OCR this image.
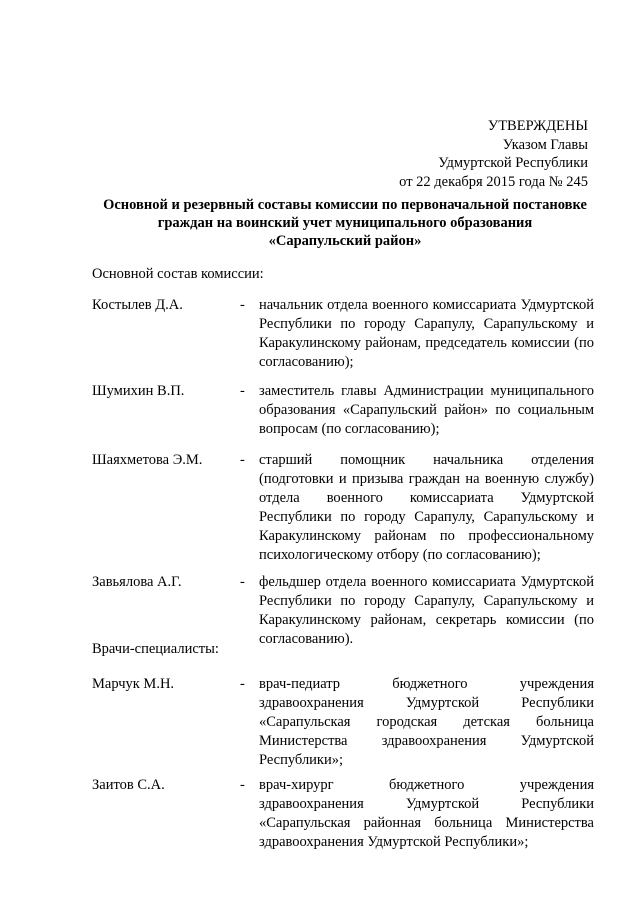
УТВЕРЖДЕНЫ
Указом Главы
Удмуртской Республики
от 22 декабря 2015 года № 245
Основной и резервный составы комиссии по первоначальной постановке
граждан на воинский учет муниципального образования
«Сарапульский район»
Основной состав комиссии:
Костылев Д.А.	- начальник отдела военного комиссариата Удмуртской Республики по городу Сарапулу, Сарапульскому и Каракулинскому районам, председатель комиссии (по согласованию);
Шумихин В.П.	- заместитель главы Администрации муниципального образования «Сарапульский район» по социальным вопросам (по согласованию);
Шаяхметова Э.М.	- старший помощник начальника отделения (подготовки и призыва граждан на военную службу) отдела военного комиссариата Удмуртской Республики по городу Сарапулу, Сарапульскому и Каракулинскому районам по профессиональному психологическому отбору (по согласованию);
Завьялова А.Г.	- фельдшер отдела военного комиссариата Удмуртской Республики по городу Сарапулу, Сарапульскому и Каракулинскому районам, секретарь комиссии (по согласованию).
Врачи-специалисты:
Марчук М.Н.	- врач-педиатр бюджетного учреждения здравоохранения Удмуртской Республики «Сарапульская городская детская больница Министерства здравоохранения Удмуртской Республики»;
Заитов С.А.	- врач-хирург бюджетного учреждения здравоохранения Удмуртской Республики «Сарапульская районная больница Министерства здравоохранения Удмуртской Республики»;
